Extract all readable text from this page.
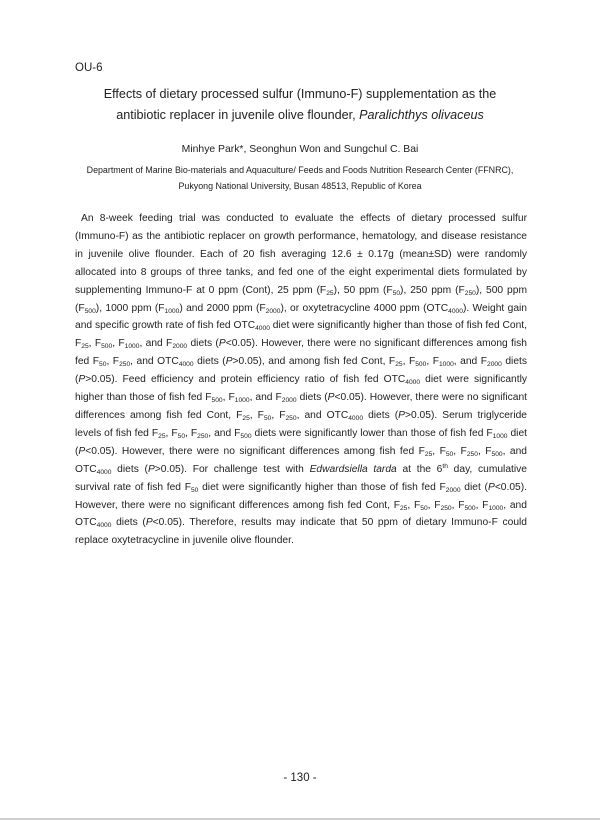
OU-6
Effects of dietary processed sulfur (Immuno-F) supplementation as the
antibiotic replacer in juvenile olive flounder, Paralichthys olivaceus
Minhye Park*, Seonghun Won and Sungchul C. Bai
Department of Marine Bio-materials and Aquaculture/ Feeds and Foods Nutrition Research Center (FFNRC),
Pukyong National University, Busan 48513, Republic of Korea
An 8-week feeding trial was conducted to evaluate the effects of dietary processed sulfur (Immuno-F) as the antibiotic replacer on growth performance, hematology, and disease resistance in juvenile olive flounder. Each of 20 fish averaging 12.6 ± 0.17g (mean±SD) were randomly allocated into 8 groups of three tanks, and fed one of the eight experimental diets formulated by supplementing Immuno-F at 0 ppm (Cont), 25 ppm $(F_{25})$, 50 ppm $(F_{50})$, 250 ppm $(F_{250})$, 500 ppm $(F_{500})$, 1000 ppm $(F_{1000})$ and 2000 ppm $(F_{2000})$, or oxytetracycline 4000 ppm $(OTC_{4000})$. Weight gain and specific growth rate of fish fed $OTC_{4000}$ diet were significantly higher than those of fish fed Cont, $F_{25}$, $F_{500}$, $F_{1000}$, and $F_{2000}$ diets (P<0.05). However, there were no significant differences among fish fed $F_{50}$, $F_{250}$, and $OTC_{4000}$ diets (P>0.05), and among fish fed Cont, $F_{25}$, $F_{500}$, $F_{1000}$, and $F_{2000}$ diets (P>0.05). Feed efficiency and protein efficiency ratio of fish fed $OTC_{4000}$ diet were significantly higher than those of fish fed $F_{500}$, $F_{1000}$, and $F_{2000}$ diets (P<0.05). However, there were no significant differences among fish fed Cont, $F_{25}$, $F_{50}$, $F_{250}$, and $OTC_{4000}$ diets (P>0.05). Serum triglyceride levels of fish fed $F_{25}$, $F_{50}$, $F_{250}$, and $F_{500}$ diets were significantly lower than those of fish fed $F_{1000}$ diet (P<0.05). However, there were no significant differences among fish fed $F_{25}$, $F_{50}$, $F_{250}$, $F_{500}$, and $OTC_{4000}$ diets (P>0.05). For challenge test with Edwardsiella tarda at the 6th day, cumulative survival rate of fish fed $F_{50}$ diet were significantly higher than those of fish fed $F_{2000}$ diet (P<0.05). However, there were no significant differences among fish fed Cont, $F_{25}$, $F_{50}$, $F_{250}$, $F_{500}$, $F_{1000}$, and $OTC_{4000}$ diets (P<0.05). Therefore, results may indicate that 50 ppm of dietary Immuno-F could replace oxytetracycline in juvenile olive flounder.
- 130 -
